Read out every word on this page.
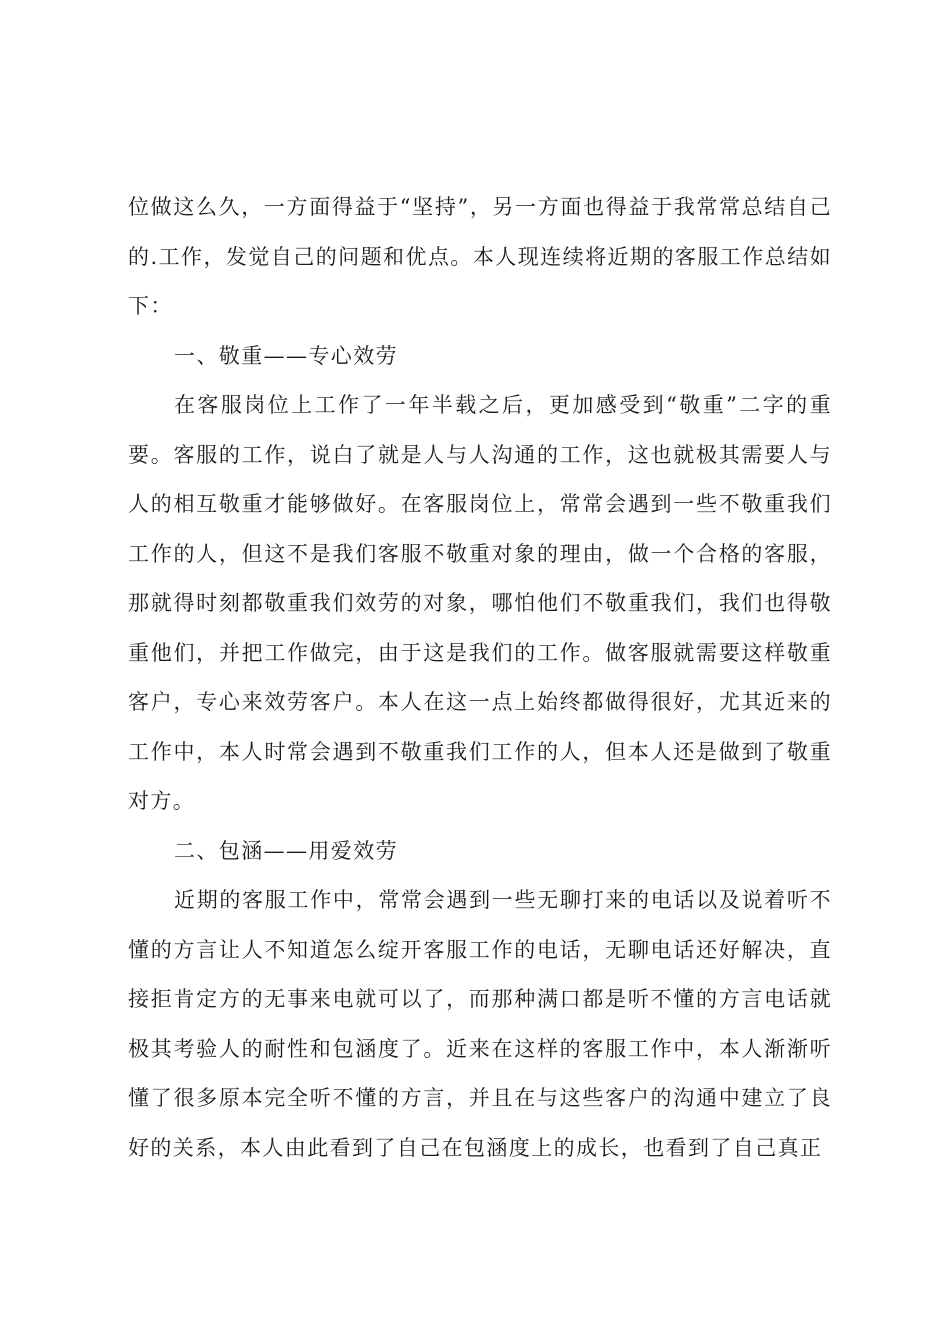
位做这么久，一方面得益于“坚持”，另一方面也得益于我常常总结自己的.工作，发觉自己的问题和优点。本人现连续将近期的客服工作总结如下：

一、敬重——专心效劳

在客服岗位上工作了一年半载之后，更加感受到“敬重”二字的重要。客服的工作，说白了就是人与人沟通的工作，这也就极其需要人与人的相互敬重才能够做好。在客服岗位上，常常会遇到一些不敬重我们工作的人，但这不是我们客服不敬重对象的理由，做一个合格的客服，那就得时刻都敬重我们效劳的对象，哪怕他们不敬重我们，我们也得敬重他们，并把工作做完，由于这是我们的工作。做客服就需要这样敬重客户，专心来效劳客户。本人在这一点上始终都做得很好，尤其近来的工作中，本人时常会遇到不敬重我们工作的人，但本人还是做到了敬重对方。

二、包涵——用爱效劳

近期的客服工作中，常常会遇到一些无聊打来的电话以及说着听不懂的方言让人不知道怎么绽开客服工作的电话，无聊电话还好解决，直接拒肯定方的无事来电就可以了，而那种满口都是听不懂的方言电话就极其考验人的耐性和包涵度了。近来在这样的客服工作中，本人渐渐听懂了很多原本完全听不懂的方言，并且在与这些客户的沟通中建立了良好的关系，本人由此看到了自己在包涵度上的成长，也看到了自己真正
